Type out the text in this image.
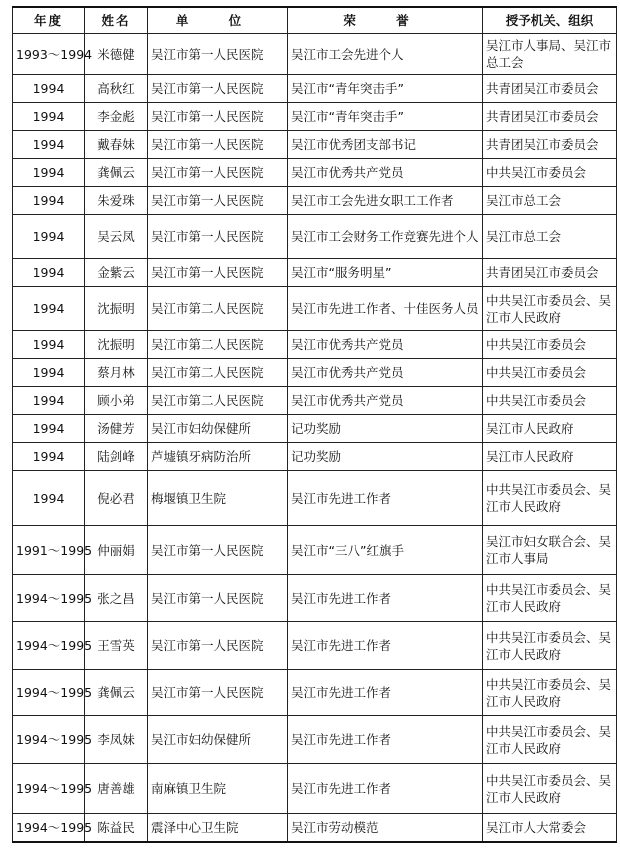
年度	姓名	单 位	荣 誉	授予机关、组织
1993～1994	米德健	吴江市第一人民医院	吴江市工会先进个人	吴江市人事局、吴江市总工会
1994	高秋红	吴江市第一人民医院	吴江市“青年突击手”	共青团吴江市委员会
1994	李金彪	吴江市第一人民医院	吴江市“青年突击手”	共青团吴江市委员会
1994	戴春妹	吴江市第一人民医院	吴江市优秀团支部书记	共青团吴江市委员会
1994	龚佩云	吴江市第一人民医院	吴江市优秀共产党员	中共吴江市委员会
1994	朱爱珠	吴江市第一人民医院	吴江市工会先进女职工工作者	吴江市总工会
1994	吴云凤	吴江市第一人民医院	吴江市工会财务工作竞赛先进个人	吴江市总工会
1994	金紫云	吴江市第一人民医院	吴江市“服务明星”	共青团吴江市委员会
1994	沈振明	吴江市第二人民医院	吴江市先进工作者、十佳医务人员	中共吴江市委员会、吴江市人民政府
1994	沈振明	吴江市第二人民医院	吴江市优秀共产党员	中共吴江市委员会
1994	蔡月林	吴江市第二人民医院	吴江市优秀共产党员	中共吴江市委员会
1994	顾小弟	吴江市第二人民医院	吴江市优秀共产党员	中共吴江市委员会
1994	汤健芳	吴江市妇幼保健所	记功奖励	吴江市人民政府
1994	陆剑峰	芦墟镇牙病防治所	记功奖励	吴江市人民政府
1994	倪必君	梅堰镇卫生院	吴江市先进工作者	中共吴江市委员会、吴江市人民政府
1991～1995	仲丽娟	吴江市第一人民医院	吴江市“三八”红旗手	吴江市妇女联合会、吴江市人事局
1994～1995	张之昌	吴江市第一人民医院	吴江市先进工作者	中共吴江市委员会、吴江市人民政府
1994～1995	王雪英	吴江市第一人民医院	吴江市先进工作者	中共吴江市委员会、吴江市人民政府
1994～1995	龚佩云	吴江市第一人民医院	吴江市先进工作者	中共吴江市委员会、吴江市人民政府
1994～1995	李凤妹	吴江市妇幼保健所	吴江市先进工作者	中共吴江市委员会、吴江市人民政府
1994～1995	唐善雄	南麻镇卫生院	吴江市先进工作者	中共吴江市委员会、吴江市人民政府
1994～1995	陈益民	震泽中心卫生院	吴江市劳动模范	吴江市人大常委会
